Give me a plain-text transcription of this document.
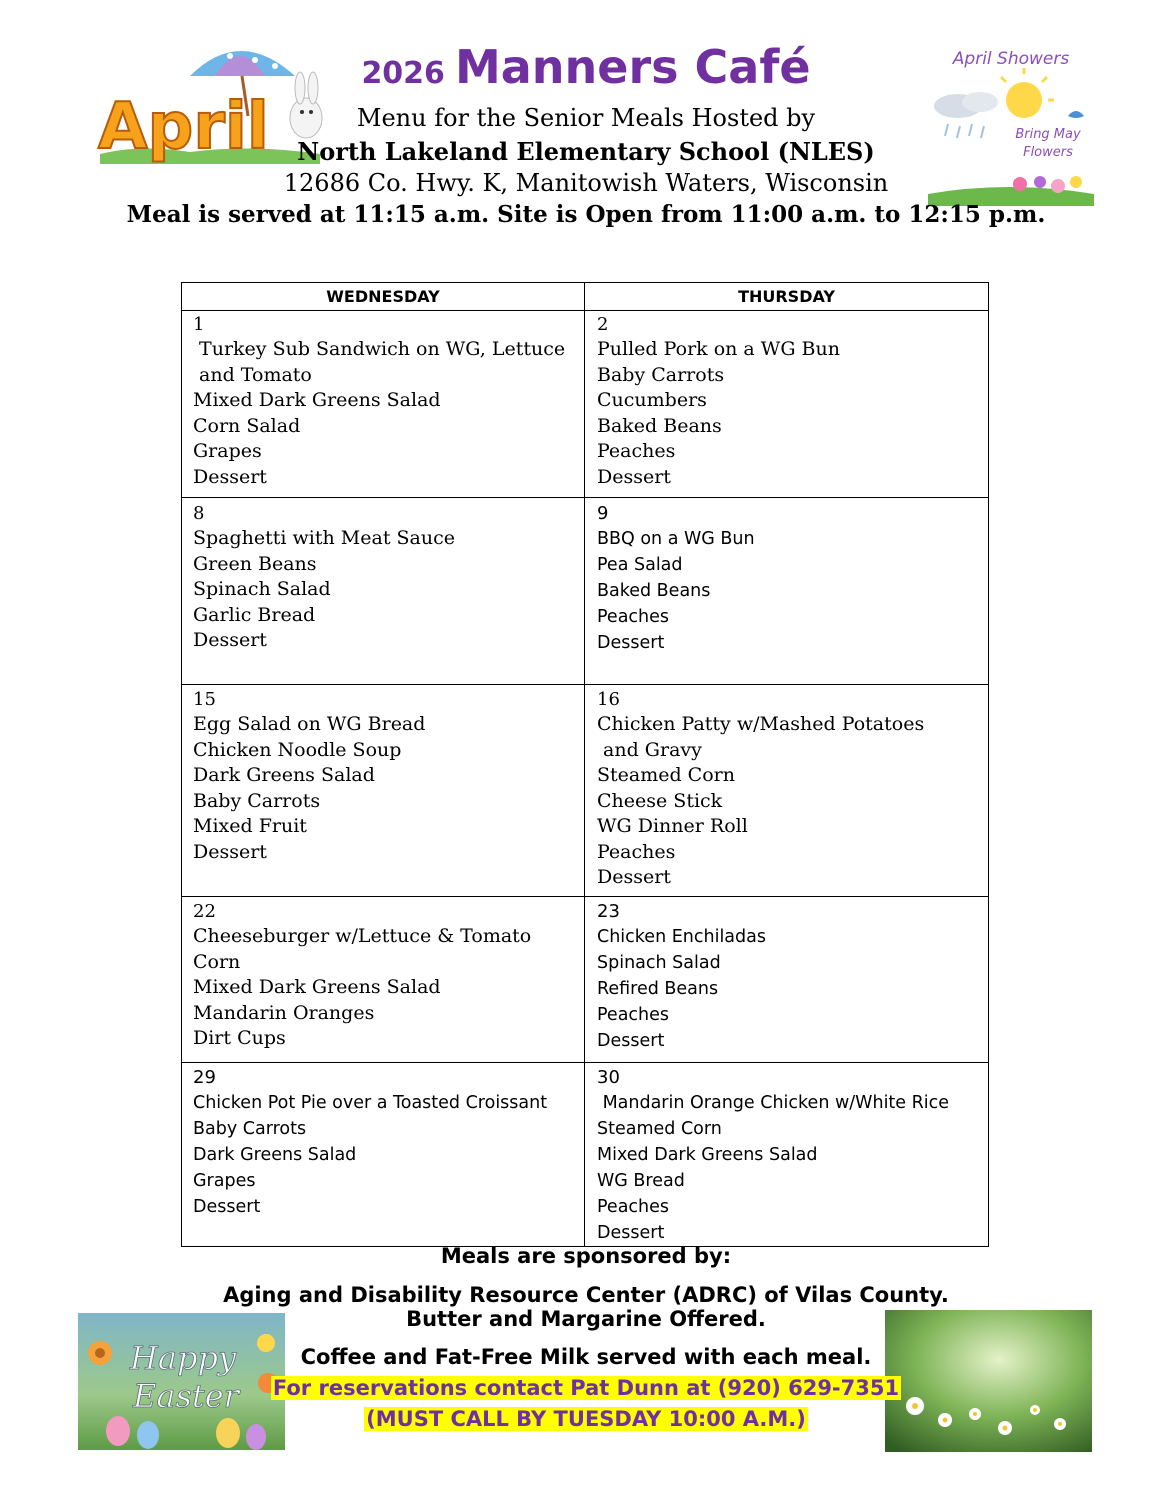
April
April Showers
Bring May
Flowers
2026 Manners Café
Menu for the Senior Meals Hosted by
North Lakeland Elementary School (NLES)
12686 Co. Hwy. K, Manitowish Waters, Wisconsin
Meal is served at 11:15 a.m. Site is Open from 11:00 a.m. to 12:15 p.m.
WEDNESDAY	THURSDAY
1
Turkey Sub Sandwich on WG, Lettuce
and Tomato
Mixed Dark Greens Salad
Corn Salad
Grapes
Dessert
2
Pulled Pork on a WG Bun
Baby Carrots
Cucumbers
Baked Beans
Peaches
Dessert
8
Spaghetti with Meat Sauce
Green Beans
Spinach Salad
Garlic Bread
Dessert
9
BBQ on a WG Bun
Pea Salad
Baked Beans
Peaches
Dessert
15
Egg Salad on WG Bread
Chicken Noodle Soup
Dark Greens Salad
Baby Carrots
Mixed Fruit
Dessert
16
Chicken Patty w/Mashed Potatoes
and Gravy
Steamed Corn
Cheese Stick
WG Dinner Roll
Peaches
Dessert
22
Cheeseburger w/Lettuce & Tomato
Corn
Mixed Dark Greens Salad
Mandarin Oranges
Dirt Cups
23
Chicken Enchiladas
Spinach Salad
Refired Beans
Peaches
Dessert
29
Chicken Pot Pie over a Toasted Croissant
Baby Carrots
Dark Greens Salad
Grapes
Dessert
30
Mandarin Orange Chicken w/White Rice
Steamed Corn
Mixed Dark Greens Salad
WG Bread
Peaches
Dessert
Happy
Easter
Meals are sponsored by:
Aging and Disability Resource Center (ADRC) of Vilas County.
Butter and Margarine Offered.
Coffee and Fat-Free Milk served with each meal.
For reservations contact Pat Dunn at (920) 629-7351
(MUST CALL BY TUESDAY 10:00 A.M.)
